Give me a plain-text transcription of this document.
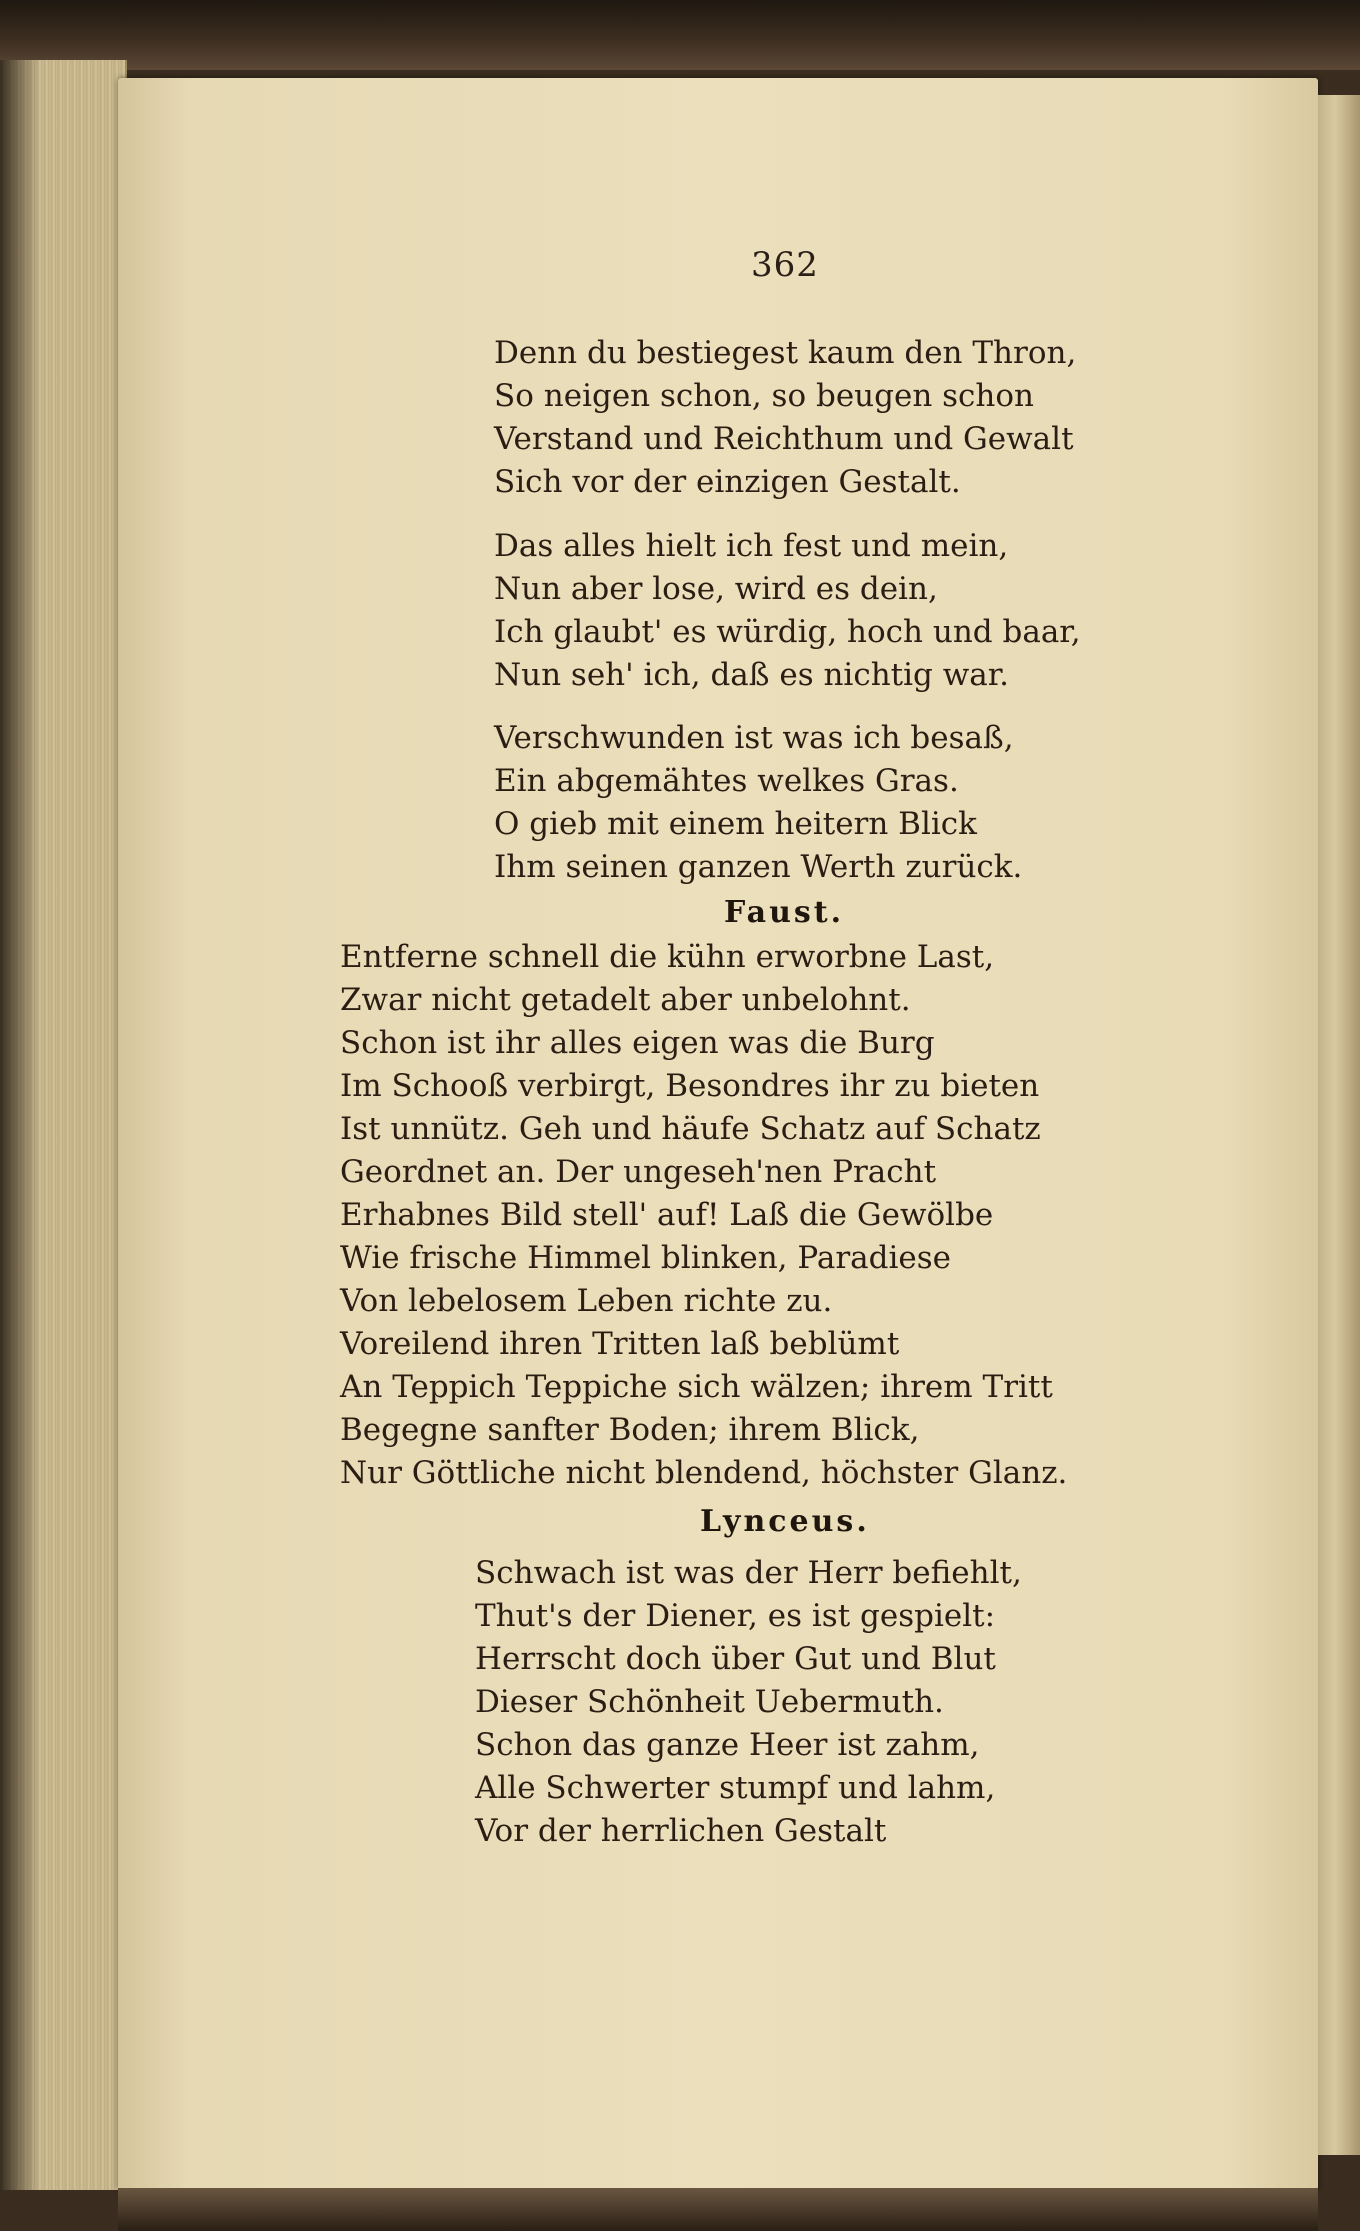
362
Denn du bestiegest kaum den Thron,
So neigen schon, so beugen schon
Verstand und Reichthum und Gewalt
Sich vor der einzigen Gestalt.
Das alles hielt ich fest und mein,
Nun aber lose, wird es dein,
Ich glaubt' es würdig, hoch und baar,
Nun seh' ich, daß es nichtig war.
Verschwunden ist was ich besaß,
Ein abgemähtes welkes Gras.
O gieb mit einem heitern Blick
Ihm seinen ganzen Werth zurück.
Faust.
Entferne schnell die kühn erworbne Last,
Zwar nicht getadelt aber unbelohnt.
Schon ist ihr alles eigen was die Burg
Im Schooß verbirgt, Besondres ihr zu bieten
Ist unnütz. Geh und häufe Schatz auf Schatz
Geordnet an. Der ungeseh'nen Pracht
Erhabnes Bild stell' auf! Laß die Gewölbe
Wie frische Himmel blinken, Paradiese
Von lebelosem Leben richte zu.
Voreilend ihren Tritten laß beblümt
An Teppich Teppiche sich wälzen; ihrem Tritt
Begegne sanfter Boden; ihrem Blick,
Nur Göttliche nicht blendend, höchster Glanz.
Lynceus.
Schwach ist was der Herr befiehlt,
Thut's der Diener, es ist gespielt:
Herrscht doch über Gut und Blut
Dieser Schönheit Uebermuth.
Schon das ganze Heer ist zahm,
Alle Schwerter stumpf und lahm,
Vor der herrlichen Gestalt
